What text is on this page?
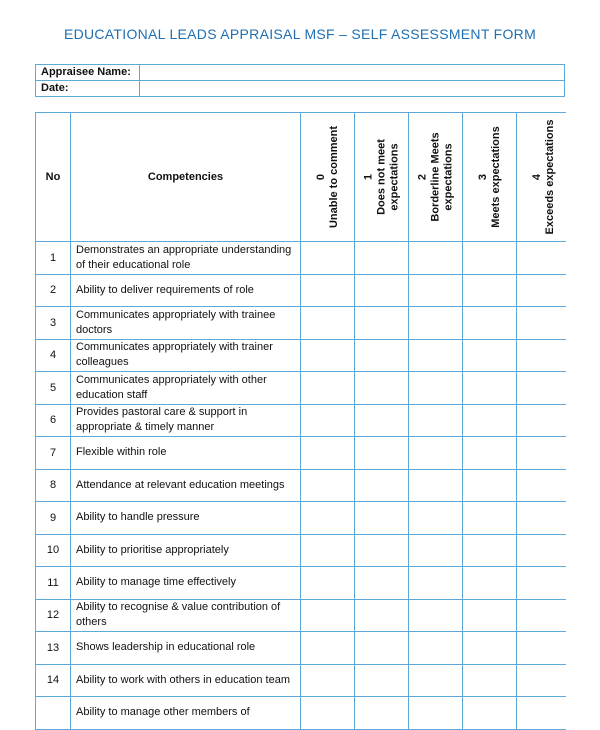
EDUCATIONAL LEADS APPRAISAL MSF – SELF ASSESSMENT FORM
Appraisee Name:	
Date:	
No	Competencies	0 Unable to comment	1 Does not meet expectations	2 Borderline Meets expectations	3 Meets expectations	4 Exceeds expectations

1	Demonstrates an appropriate understanding of their educational role					
2	Ability to deliver requirements of role					
3	Communicates appropriately with trainee doctors					
4	Communicates appropriately with trainer colleagues					
5	Communicates appropriately with other education staff					
6	Provides pastoral care & support in appropriate & timely manner					
7	Flexible within role					
8	Attendance at relevant education meetings					
9	Ability to handle pressure					
10	Ability to prioritise appropriately					
11	Ability to manage time effectively					
12	Ability to recognise & value contribution of others					
13	Shows leadership in educational role					
14	Ability to work with others in education team					
	Ability to manage other members of					
